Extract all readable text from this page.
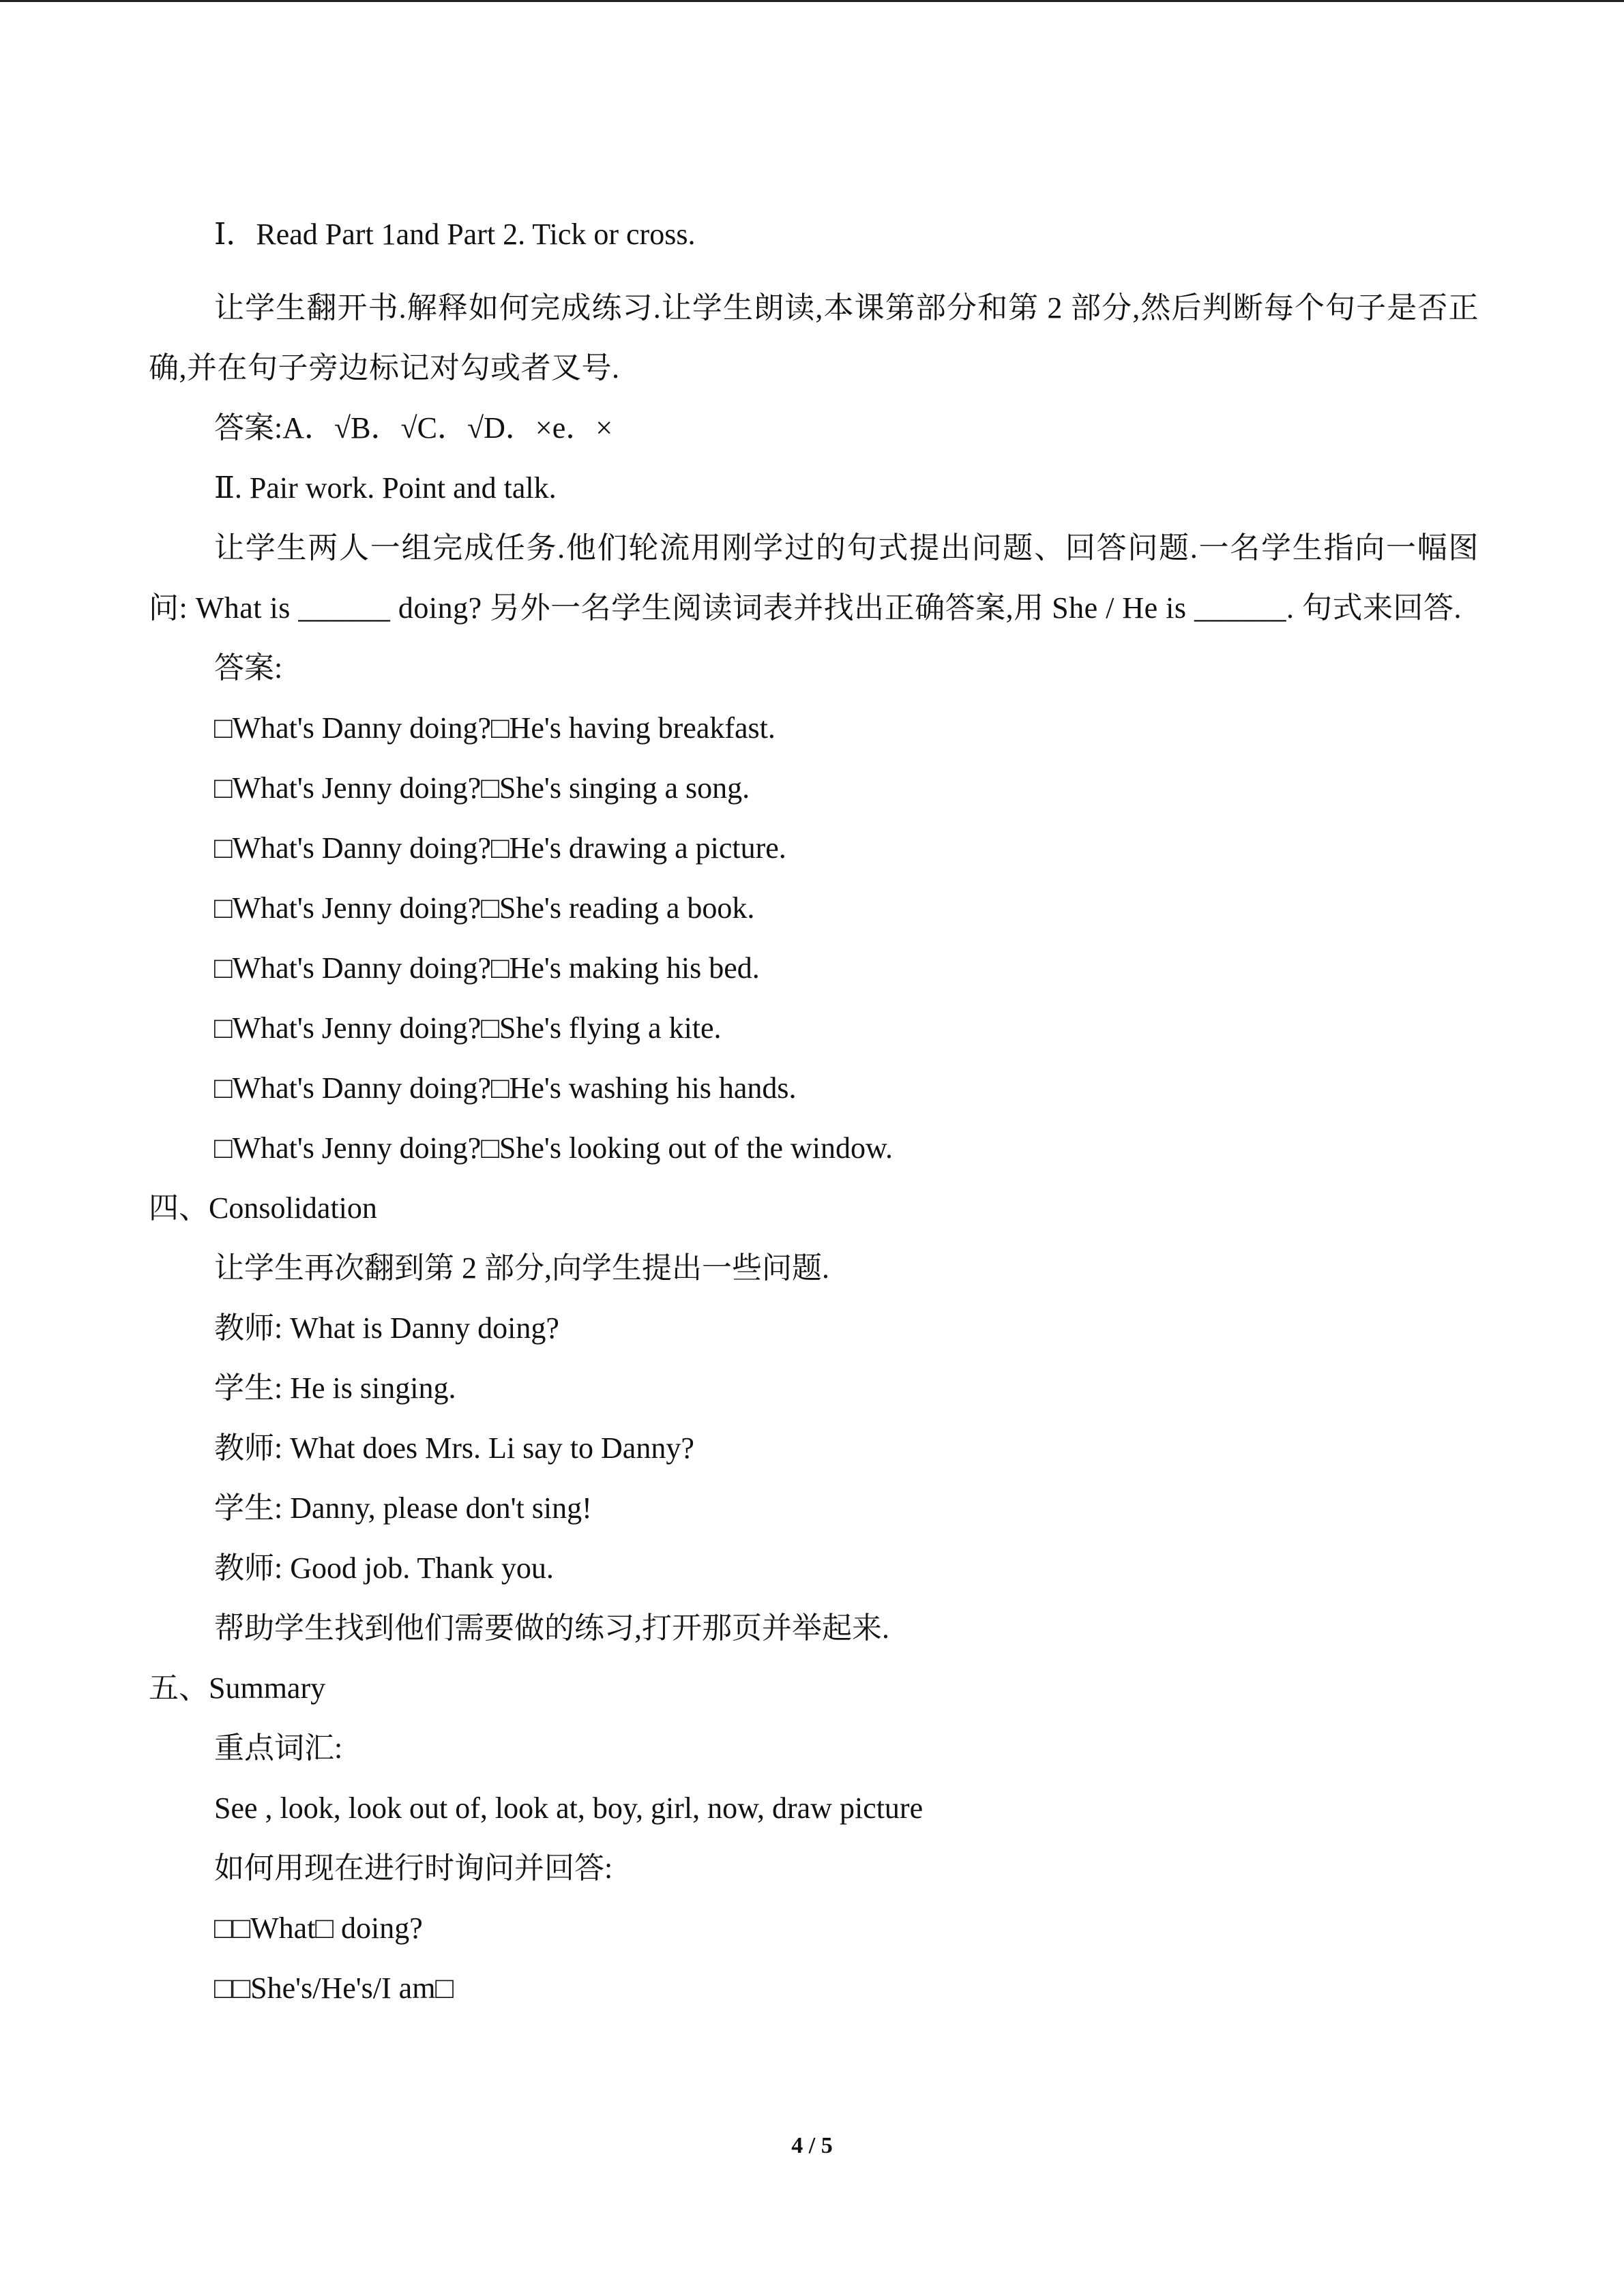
Ⅰ．Read Part 1and Part 2. Tick or cross.
让学生翻开书.解释如何完成练习.让学生朗读,本课第部分和第 2 部分,然后判断每个句子是否正确,并在句子旁边标记对勾或者叉号.
答案:A．√B．√C．√D．×e．×
Ⅱ. Pair work. Point and talk.
让学生两人一组完成任务.他们轮流用刚学过的句式提出问题、回答问题.一名学生指向一幅图问: What is ______ doing? 另外一名学生阅读词表并找出正确答案,用 She / He is ______. 句式来回答.
答案:
□What's Danny doing?□He's having breakfast.
□What's Jenny doing?□She's singing a song.
□What's Danny doing?□He's drawing a picture.
□What's Jenny doing?□She's reading a book.
□What's Danny doing?□He's making his bed.
□What's Jenny doing?□She's flying a kite.
□What's Danny doing?□He's washing his hands.
□What's Jenny doing?□She's looking out of the window.
四、Consolidation
让学生再次翻到第 2 部分,向学生提出一些问题.
教师: What is Danny doing?
学生: He is singing.
教师: What does Mrs. Li say to Danny?
学生: Danny, please don't sing!
教师: Good job. Thank you.
帮助学生找到他们需要做的练习,打开那页并举起来.
五、Summary
重点词汇:
See , look, look out of, look at, boy, girl, now, draw picture
如何用现在进行时询问并回答:
□□What□ doing?
□□She's/He's/I am□
4 / 5
